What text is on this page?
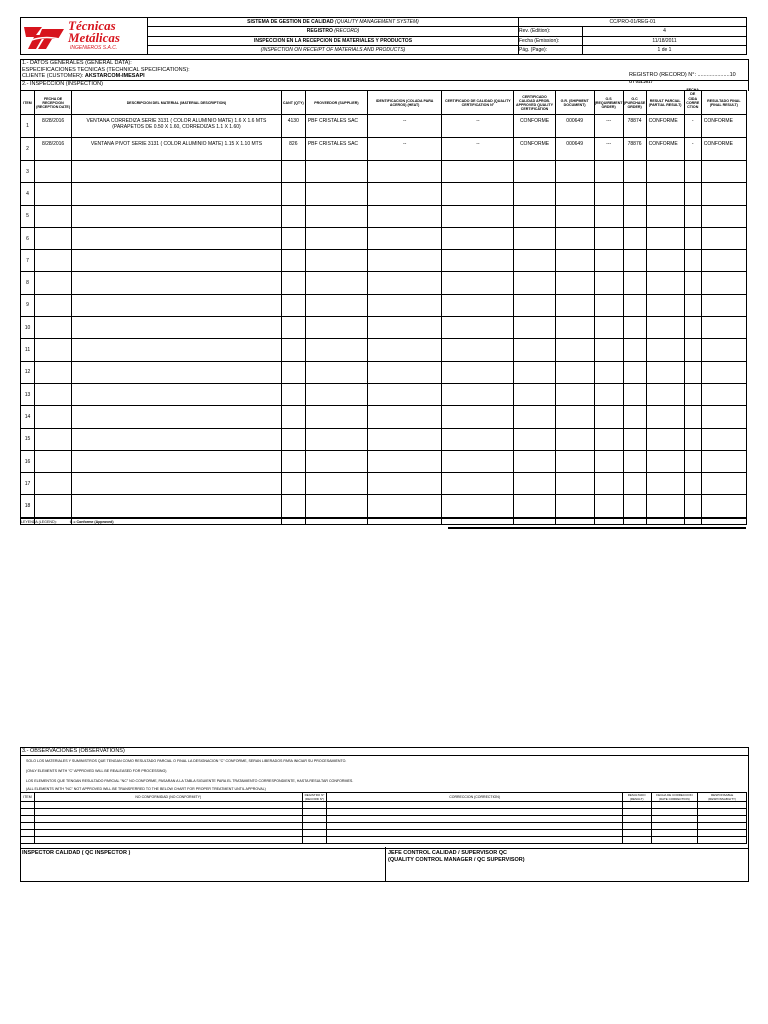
Técnicas
Metálicas
INGENIEROS S.A.C.
	SISTEMA DE GESTION DE CALIDAD (QUALITY MANAGEMENT SYSTEM)	CC/PRO-01/REG-01	
	REGISTRO (RECORD)	Rev. (Edition):	4
	INSPECCION EN LA RECEPCION DE MATERIALES Y PRODUCTOS	Fecha (Emission):	11/18/2011
	(INSPECTION ON RECEIPT OF MATERIALS AND PRODUCTS)	Pág. (Page):	1 de 1
1.- DATOS GENERALES (GENERAL DATA):
ESPECIFICACIONES TECNICAS (TECHNICAL SPECIFICATIONS):
CLIENTE (CUSTOMER): AKSTARCOM-IMESAPI
2.- INSPECCION (INSPECTION)
REGISTRO (RECORD) N°: .....................10
OT 014-2017
ITEM	FECHA DE RECEPCION (RECEPTION DATE)	DESCRIPCION DEL MATERIAL (MATERIAL DESCRIPTION)	CANT (QTY)	PROVEEDOR (SUPPLIER)	IDENTIFICACION (COLADA PARA ACEROS) (HEAT)	CERTIFICADO DE CALIDAD (QUALITY CERTIFICATION N°	CERTIFICADO CALIDAD APROB. APPROVED QUALITY CERTIFICATION	G.R. (SHIPMENT DOCUMENT)	O.S (REQUIREMENT ORDER)	O.C (PURCHASE ORDER)	RESULT PARCIAL (PARTIAL RESULT)	FECHA DE
CIDA CORRE CTION	RESULTADO FINAL (FINAL RESULT)
1	8/28/2016	VENTANA CORREDIZA SERIE 3131 ( COLOR ALUMINIO MATE) 1.6 X 1.6 MTS (PARAPETOS DE 0.50 X 1.60, CORREDIZAS 1.1 X 1.60)	4130	PBF CRISTALES SAC	--	--	CONFORME	000649	---	78874	CONFORME	-	CONFORME
2	8/28/2016	VENTANA PIVOT SERIE 3131 ( COLOR ALUMINIO MATE) 1.15 X 1.10 MTS	826	PBF CRISTALES SAC	--	--	CONFORME	000649	---	78876	CONFORME	-	CONFORME
3													
4													
5													
6													
7													
8													
9													
10													
11													
12													
13													
14													
15													
16													
17													
18													

LEYENDA (LEGEND):	C = Conforme (Approved)
3.- OBSERVACIONES (OBSERVATIONS)
SOLO LOS MATERIALES Y SUMINISTROS QUE TENGAN COMO RESULTADO PARCIAL O FINAL LA DESIGNACION "C" CONFORME, SERAN LIBERADOS PARA INICIAR SU PROCESAMIENTO.
(ONLY ELEMENTS WITH "C" APPROVED WILL BE REALEASED FOR PROCESSING)
LOS ELEMENTOS QUE TENGAN RESULTADO PARCIAL "NC" NO CONFORME, PASARAN A LA TABLA SIGUIENTE PARA EL TRATAMIENTO CORRESPONDIENTE, HASTA RESULTAR CONFORMES.
(ALL ELEMENTS WITH "NC" NOT APPROVED WILL BE TRANSFERRED TO THE BELOW CHART FOR PROPER TREATMENT UNTIL APPROVAL)
ITEM	NO CONFORMIDAD (NO CONFORMITY)	REGISTRO N° (RECORD N°)	CORRECCION (CORRECTION)	RESULTADO (RESULT)	FECHA DE CORRECCION (DATE CORRECTION)	RESPONSABLE (RESPONSABILITY)

INSPECTOR CALIDAD ( QC INSPECTOR )	JEFE CONTROL CALIDAD / SUPERVISOR QC
(QUALITY CONTROL MANAGER / QC SUPERVISOR)
